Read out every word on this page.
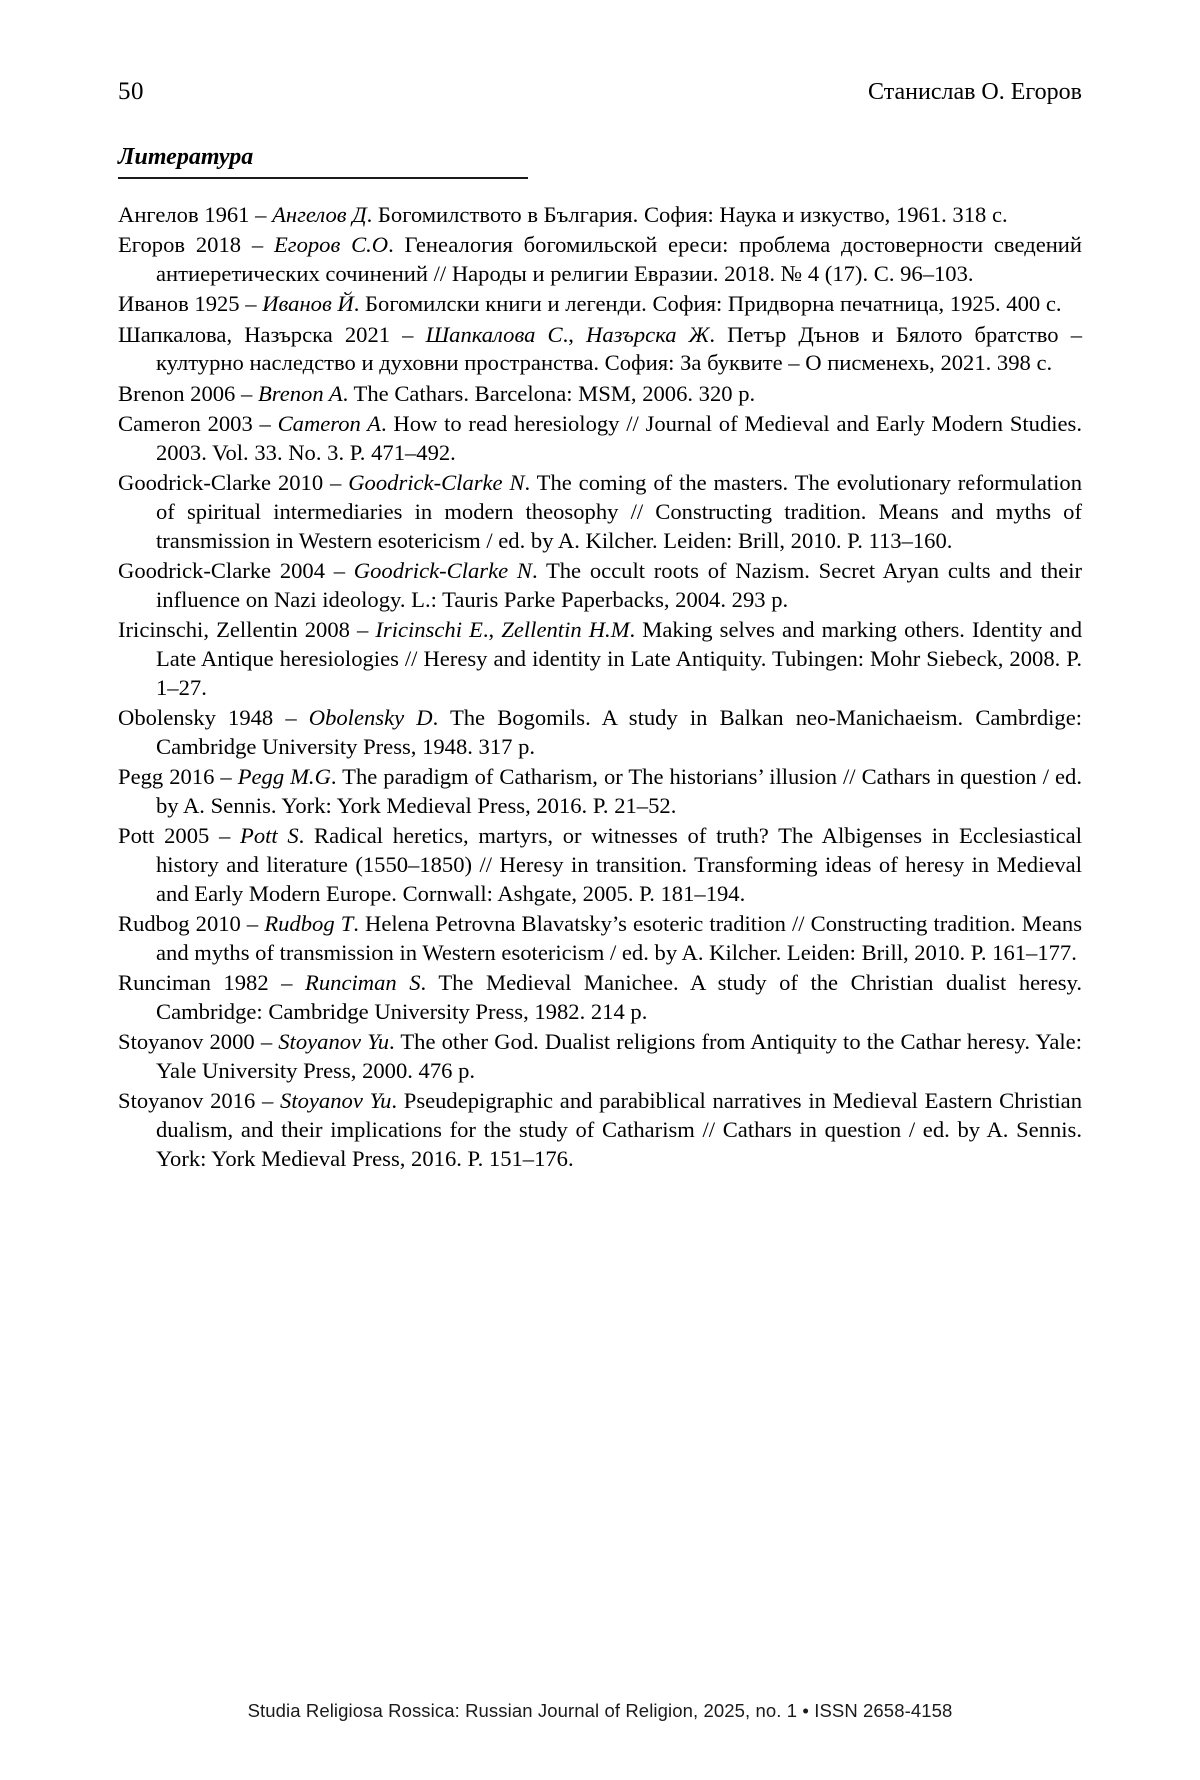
50	Станислав О. Егоров
Литература
Ангелов 1961 – Ангелов Д. Богомилството в България. София: Наука и изкуство, 1961. 318 с.
Егоров 2018 – Егоров С.О. Генеалогия богомильской ереси: проблема достоверности сведений антиеретических сочинений // Народы и религии Евразии. 2018. № 4 (17). С. 96–103.
Иванов 1925 – Иванов Й. Богомилски книги и легенди. София: Придворна печатница, 1925. 400 с.
Шапкалова, Назърска 2021 – Шапкалова С., Назърска Ж. Петър Дънов и Бялото братство – културно наследство и духовни пространства. София: За буквите – О писменехь, 2021. 398 с.
Brenon 2006 – Brenon A. The Cathars. Barcelona: MSM, 2006. 320 p.
Cameron 2003 – Cameron A. How to read heresiology // Journal of Medieval and Early Modern Studies. 2003. Vol. 33. No. 3. P. 471–492.
Goodrick-Clarke 2010 – Goodrick-Clarke N. The coming of the masters. The evolutionary reformulation of spiritual intermediaries in modern theosophy // Constructing tradition. Means and myths of transmission in Western esotericism / ed. by A. Kilcher. Leiden: Brill, 2010. P. 113–160.
Goodrick-Clarke 2004 – Goodrick-Clarke N. The occult roots of Nazism. Secret Aryan cults and their influence on Nazi ideology. L.: Tauris Parke Paperbacks, 2004. 293 p.
Iricinschi, Zellentin 2008 – Iricinschi E., Zellentin H.M. Making selves and marking others. Identity and Late Antique heresiologies // Heresy and identity in Late Antiquity. Tubingen: Mohr Siebeck, 2008. P. 1–27.
Obolensky 1948 – Obolensky D. The Bogomils. A study in Balkan neo-Manichaeism. Cambrdige: Cambridge University Press, 1948. 317 p.
Pegg 2016 – Pegg M.G. The paradigm of Catharism, or The historians’ illusion // Cathars in question / ed. by A. Sennis. York: York Medieval Press, 2016. P. 21–52.
Pott 2005 – Pott S. Radical heretics, martyrs, or witnesses of truth? The Albigenses in Ecclesiastical history and literature (1550–1850) // Heresy in transition. Transforming ideas of heresy in Medieval and Early Modern Europe. Cornwall: Ashgate, 2005. P. 181–194.
Rudbog 2010 – Rudbog T. Helena Petrovna Blavatsky’s esoteric tradition // Constructing tradition. Means and myths of transmission in Western esotericism / ed. by A. Kilcher. Leiden: Brill, 2010. P. 161–177.
Runciman 1982 – Runciman S. The Medieval Manichee. A study of the Christian dualist heresy. Cambridge: Cambridge University Press, 1982. 214 p.
Stoyanov 2000 – Stoyanov Yu. The other God. Dualist religions from Antiquity to the Cathar heresy. Yale: Yale University Press, 2000. 476 p.
Stoyanov 2016 – Stoyanov Yu. Pseudepigraphic and parabiblical narratives in Medieval Eastern Christian dualism, and their implications for the study of Catharism // Cathars in question / ed. by A. Sennis. York: York Medieval Press, 2016. P. 151–176.
Studia Religiosa Rossica: Russian Journal of Religion, 2025, no. 1 • ISSN 2658-4158
